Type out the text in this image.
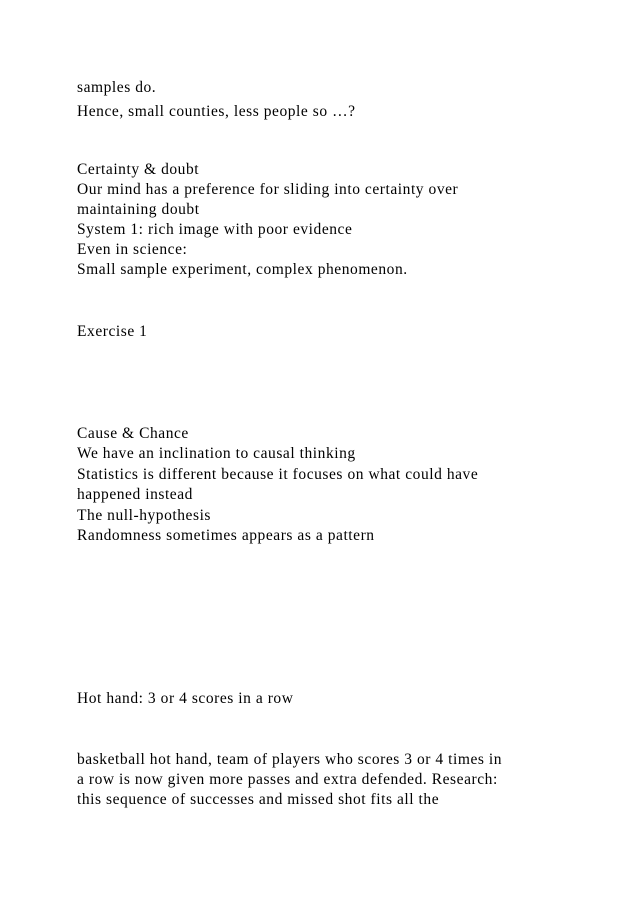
samples do.

Hence, small counties, less people so …?

Certainty & doubt

Our mind has a preference for sliding into certainty over

maintaining doubt

System 1: rich image with poor evidence

Even in science:

Small sample experiment, complex phenomenon.

Exercise 1

Cause & Chance

We have an inclination to causal thinking

Statistics is different because it focuses on what could have

happened instead

The null-hypothesis

Randomness sometimes appears as a pattern

Hot hand: 3 or 4 scores in a row

basketball hot hand, team of players who scores 3 or 4 times in

a row is now given more passes and extra defended. Research:

this sequence of successes and missed shot fits all the
